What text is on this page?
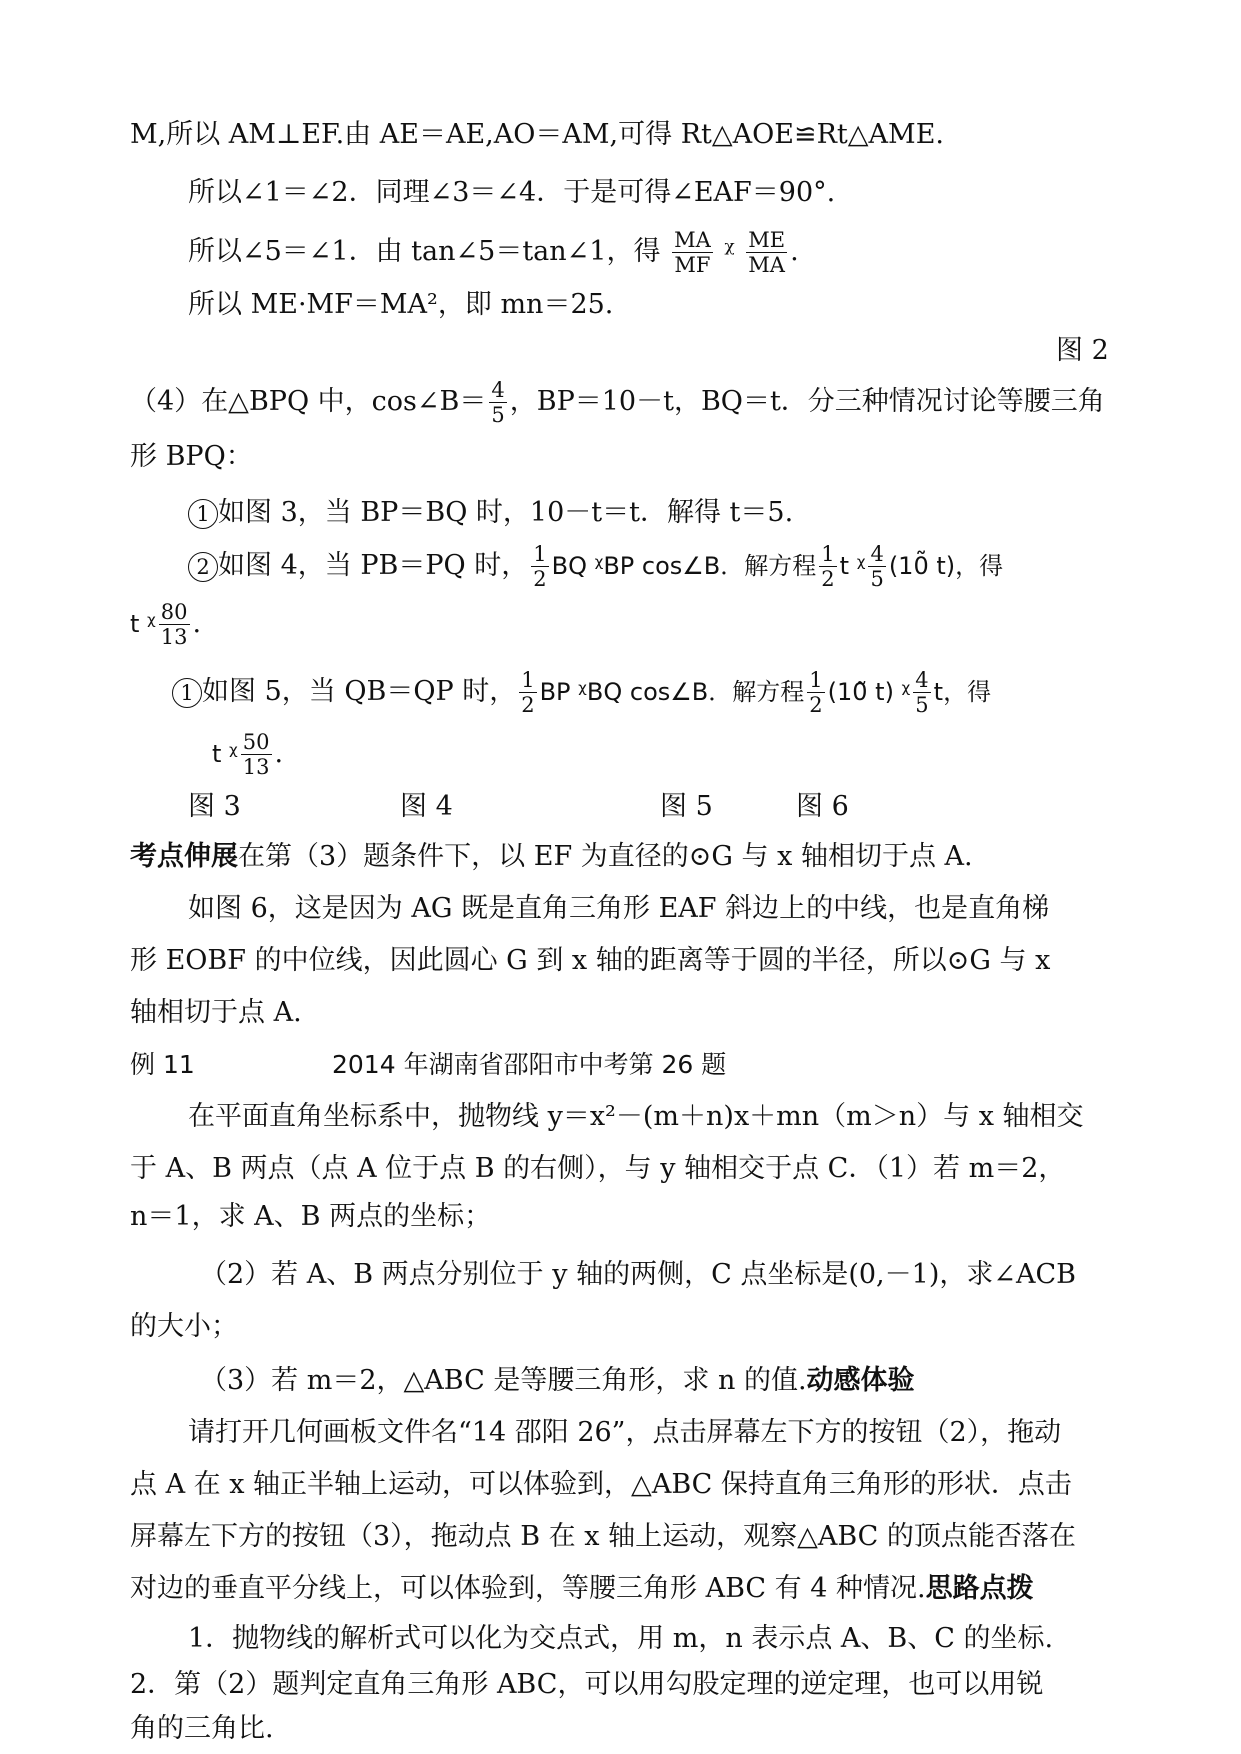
M,所以 AM⊥EF.由 AE＝AE,AO＝AM,可得 Rt△AOE≌Rt△AME.
所以∠1＝∠2．同理∠3＝∠4．于是可得∠EAF＝90°.
所以∠5＝∠1．由 tan∠5＝tan∠1，得 $\frac{MA}{MF}$ ᵡ $\frac{ME}{MA}$ .
所以 ME·MF＝MA²，即 mn＝25.
图 2
（4）在△BPQ 中，cos∠B＝ $\frac{4}{5}$ ，BP＝10－t，BQ＝t．分三种情况讨论等腰三角
形 BPQ：
1 如图 3，当 BP＝BQ 时，10－t＝t．解得 t＝5.
2 如图 4，当 PB＝PQ 时， $\frac{1}{2}$ BQ ᵡBP cos∠B．解方程 $\frac{1}{2}$ t ᵡ $\frac{4}{5}$ (10̃ t)，得
t ᵡ $\frac{80}{13}$ .
1 如图 5，当 QB＝QP 时， $\frac{1}{2}$ BP ᵡBQ cos∠B．解方程 $\frac{1}{2}$ (10̃ t) ᵡ $\frac{4}{5}$ t，得
t ᵡ $\frac{50}{13}$ .
图 3	图 4	图 5	图 6
考点伸展在第（3）题条件下，以 EF 为直径的⊙G 与 x 轴相切于点 A.
如图 6，这是因为 AG 既是直角三角形 EAF 斜边上的中线，也是直角梯
形 EOBF 的中位线，因此圆心 G 到 x 轴的距离等于圆的半径，所以⊙G 与 x
轴相切于点 A.
例 11	2014 年湖南省邵阳市中考第 26 题
在平面直角坐标系中，抛物线 y＝x²－(m＋n)x＋mn（m＞n）与 x 轴相交
于 A、B 两点（点 A 位于点 B 的右侧），与 y 轴相交于点 C．（1）若 m＝2，
n＝1，求 A、B 两点的坐标；
（2）若 A、B 两点分别位于 y 轴的两侧，C 点坐标是(0,－1)，求∠ACB
的大小；
（3）若 m＝2，△ABC 是等腰三角形，求 n 的值.动感体验
请打开几何画板文件名“14 邵阳 26”，点击屏幕左下方的按钮（2），拖动
点 A 在 x 轴正半轴上运动，可以体验到，△ABC 保持直角三角形的形状．点击
屏幕左下方的按钮（3），拖动点 B 在 x 轴上运动，观察△ABC 的顶点能否落在
对边的垂直平分线上，可以体验到，等腰三角形 ABC 有 4 种情况.思路点拨
1．抛物线的解析式可以化为交点式，用 m，n 表示点 A、B、C 的坐标.
2．第（2）题判定直角三角形 ABC，可以用勾股定理的逆定理，也可以用锐
角的三角比.
